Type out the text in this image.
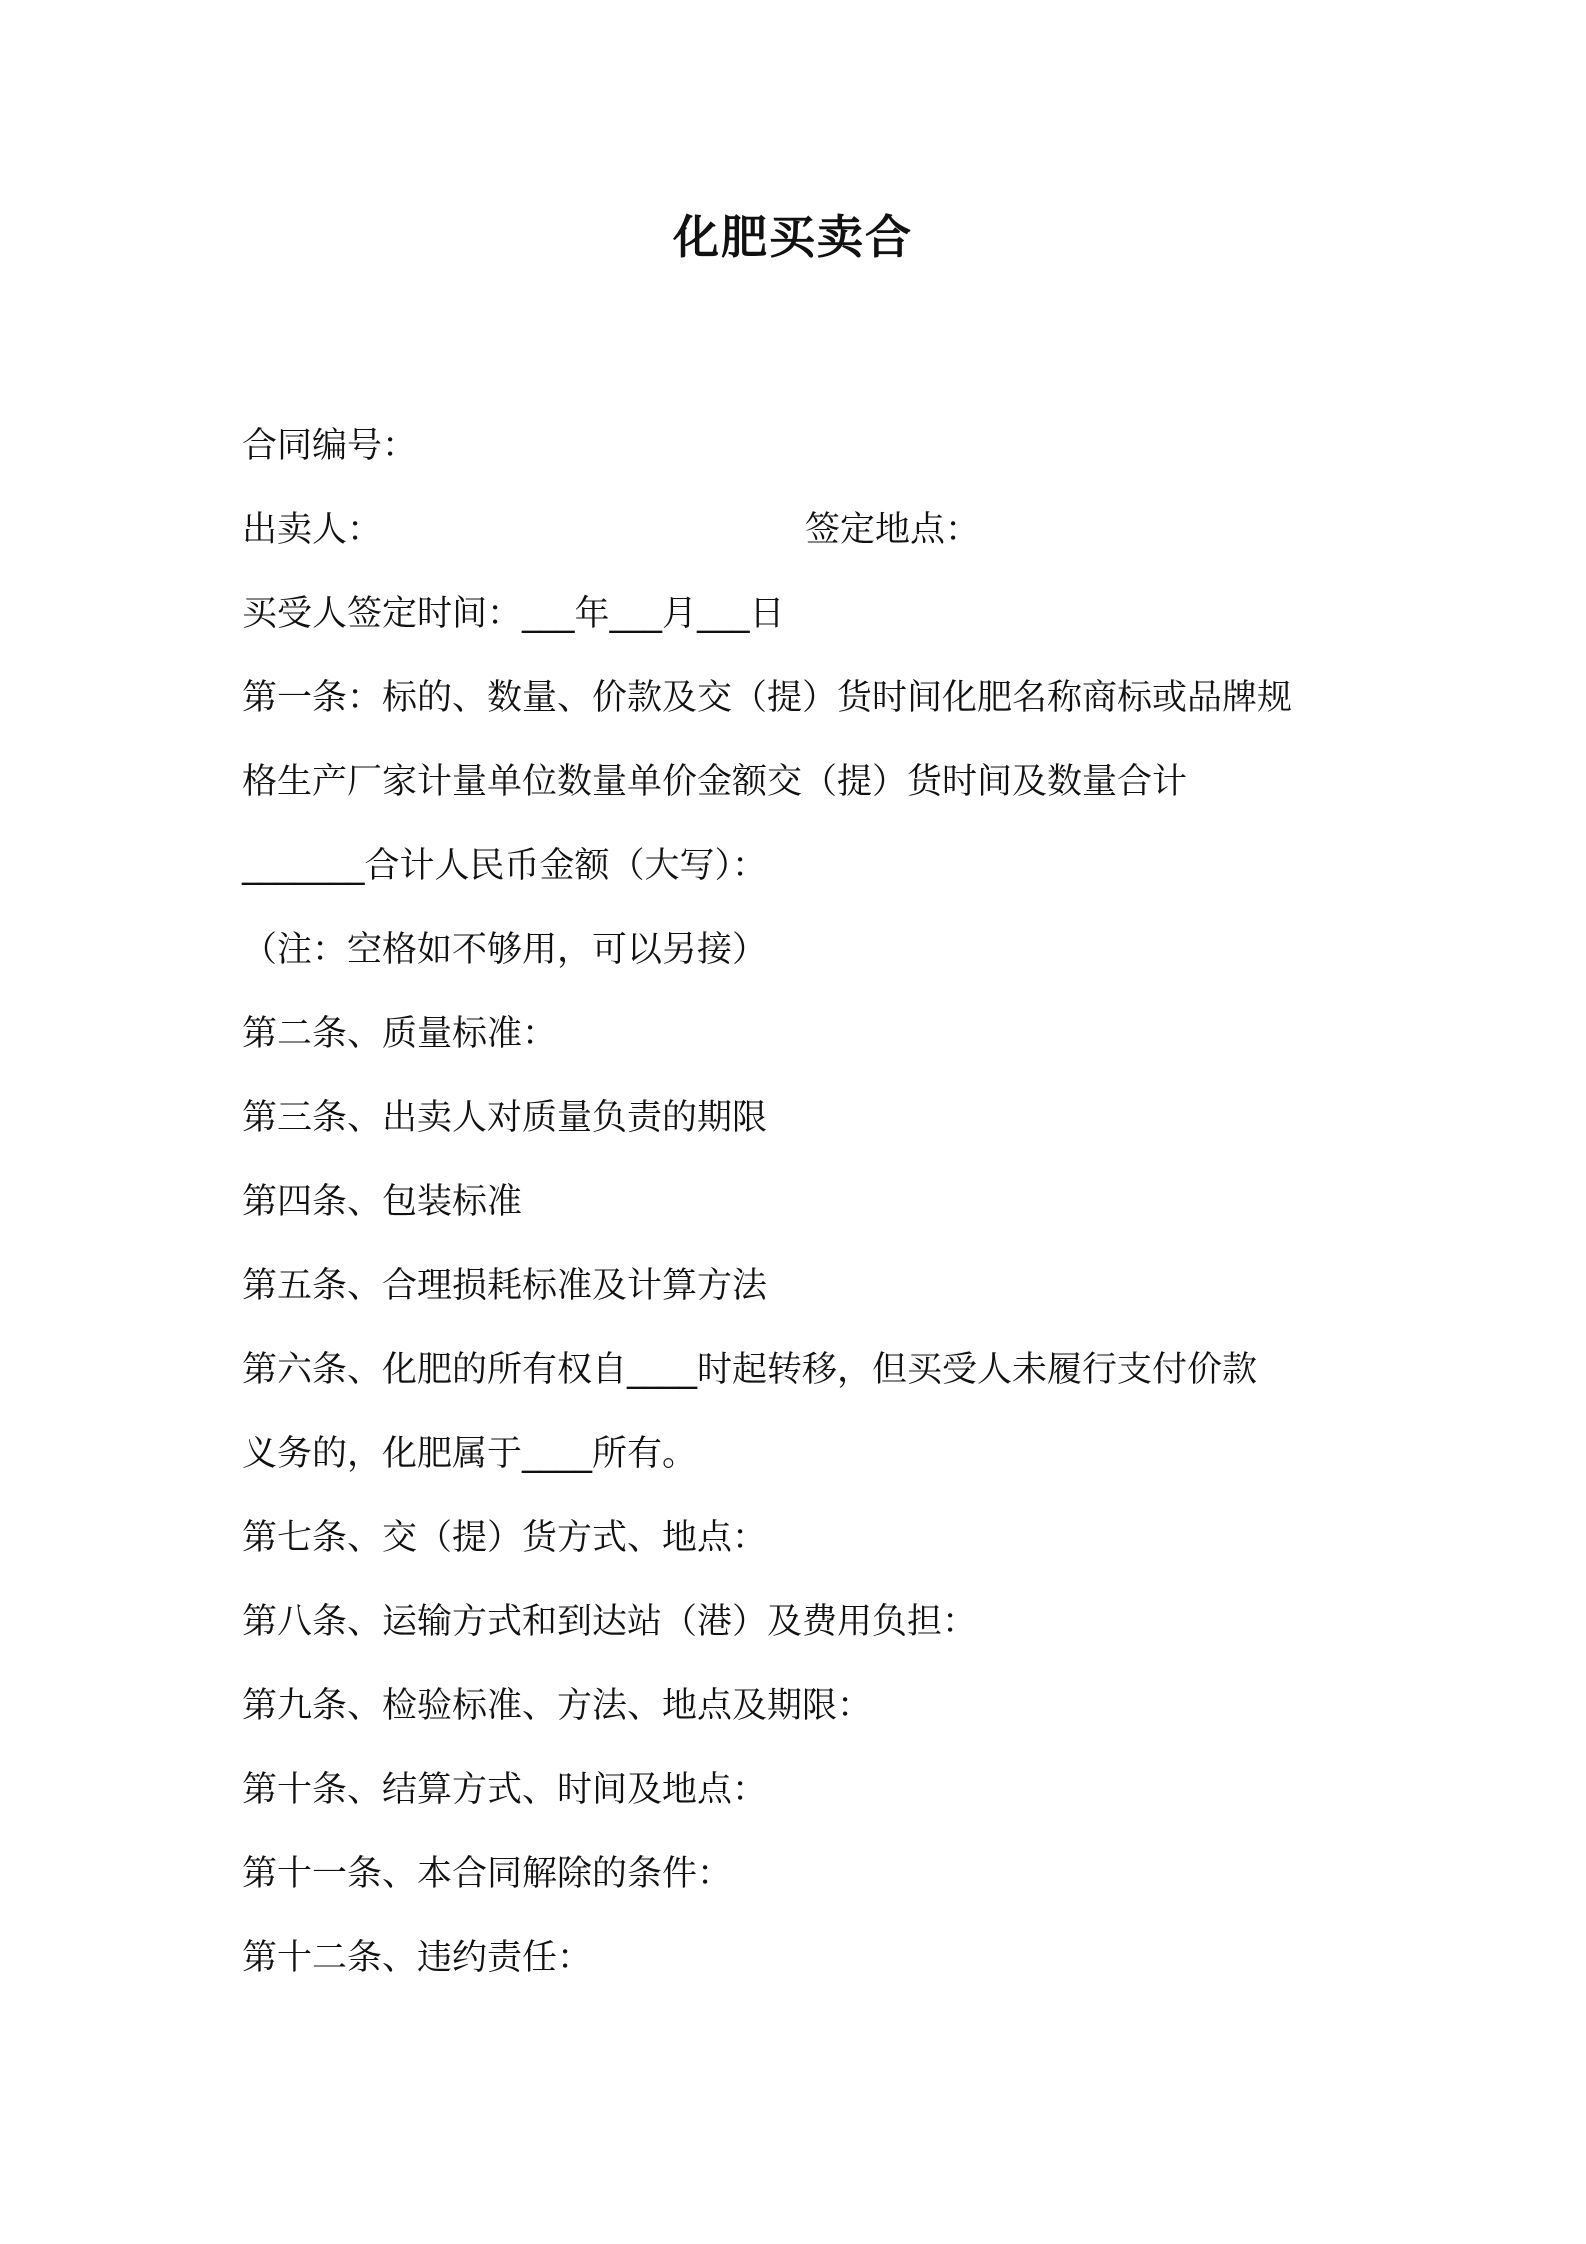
化肥买卖合
合同编号：
出卖人：	签定地点：
买受人签定时间：___年___月___日
第一条：标的、数量、价款及交（提）货时间化肥名称商标或品牌规
格生产厂家计量单位数量单价金额交（提）货时间及数量合计
_______合计人民币金额（大写）：
（注：空格如不够用，可以另接）
第二条、质量标准：
第三条、出卖人对质量负责的期限
第四条、包装标准
第五条、合理损耗标准及计算方法
第六条、化肥的所有权自____时起转移，但买受人未履行支付价款
义务的，化肥属于____所有。
第七条、交（提）货方式、地点：
第八条、运输方式和到达站（港）及费用负担：
第九条、检验标准、方法、地点及期限：
第十条、结算方式、时间及地点：
第十一条、本合同解除的条件：
第十二条、违约责任：
